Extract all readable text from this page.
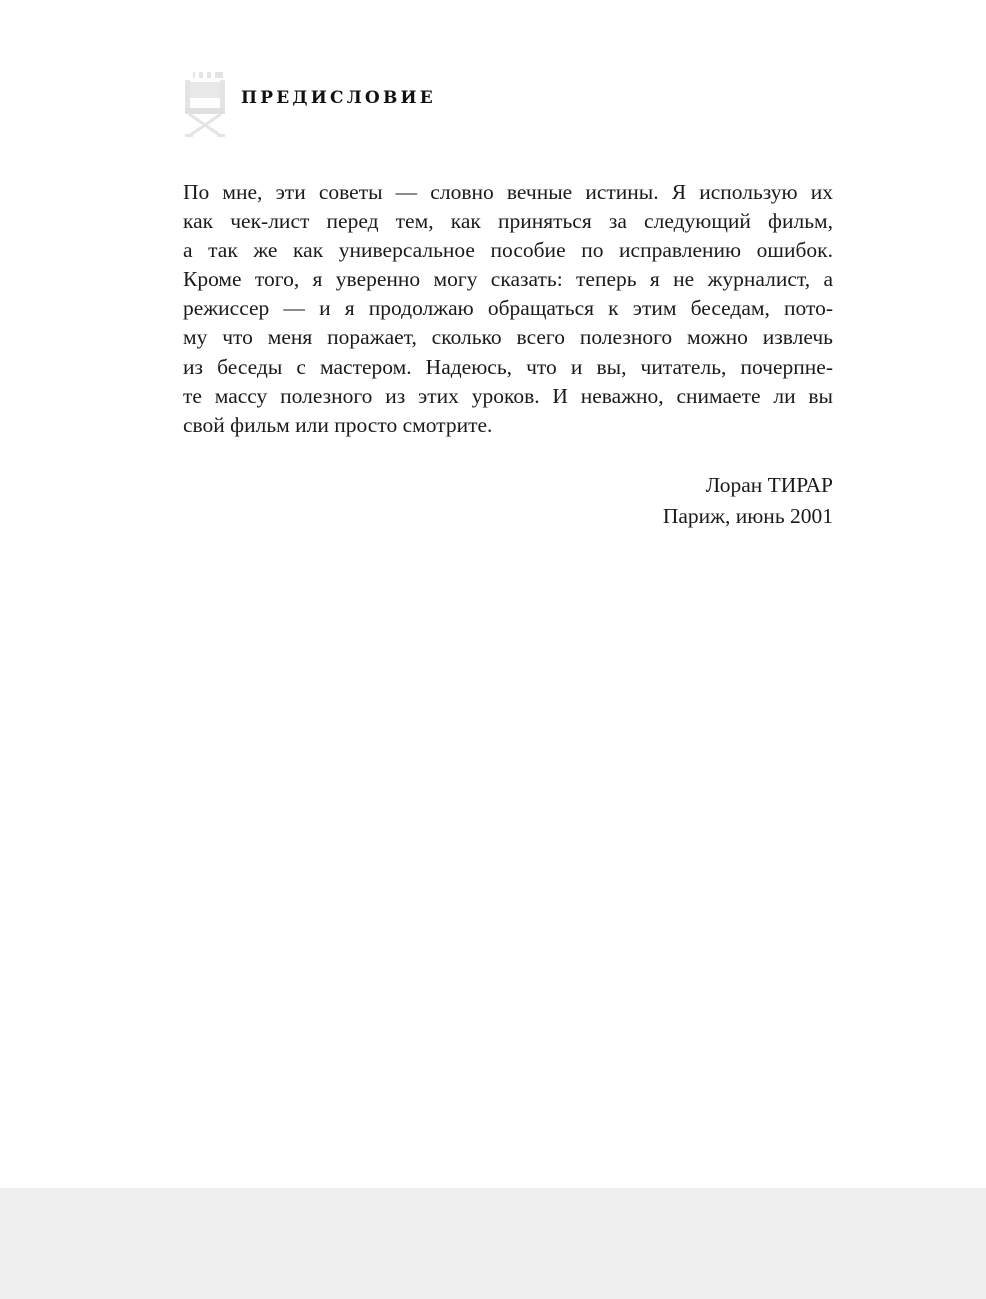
ПРЕДИСЛОВИЕ
По мне, эти советы — словно вечные истины. Я использую их
как чек-лист перед тем, как приняться за следующий фильм,
а так же как универсальное пособие по исправлению ошибок.
Кроме того, я уверенно могу сказать: теперь я не журналист, а
режиссер — и я продолжаю обращаться к этим беседам, пото-
му что меня поражает, сколько всего полезного можно извлечь
из беседы с мастером. Надеюсь, что и вы, читатель, почерпне-
те массу полезного из этих уроков. И неважно, снимаете ли вы
свой фильм или просто смотрите.
Лоран ТИРАР
Париж, июнь 2001
